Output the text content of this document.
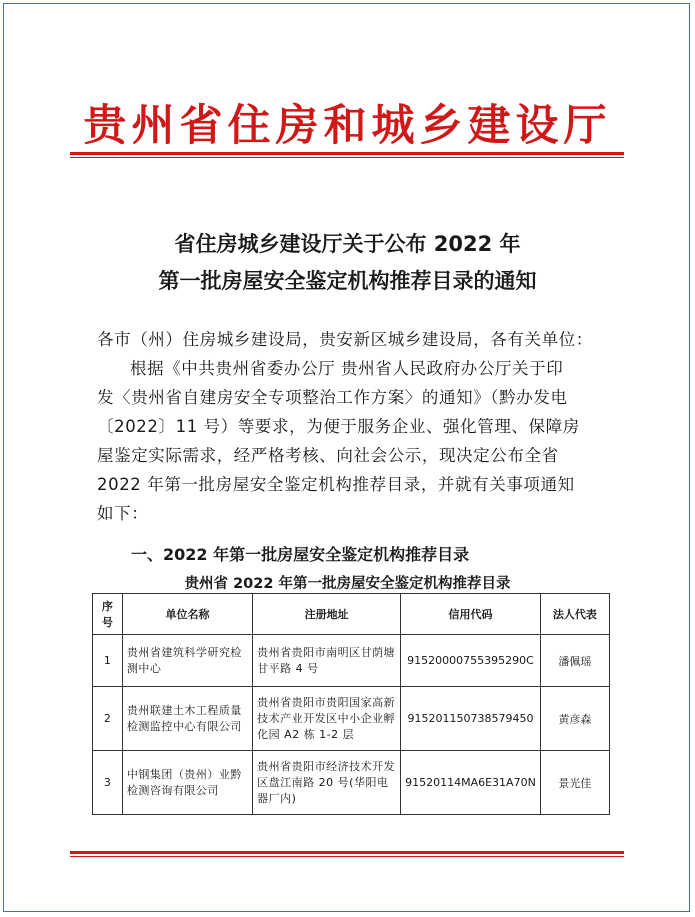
贵州省住房和城乡建设厅
省住房城乡建设厅关于公布 2022 年
第一批房屋安全鉴定机构推荐目录的通知

各市（州）住房城乡建设局，贵安新区城乡建设局，各有关单位：

根据《中共贵州省委办公厅 贵州省人民政府办公厅关于印

发〈贵州省自建房安全专项整治工作方案〉的通知》（黔办发电

〔2022〕11 号）等要求，为便于服务企业、强化管理、保障房

屋鉴定实际需求，经严格考核、向社会公示，现决定公布全省

2022 年第一批房屋安全鉴定机构推荐目录，并就有关事项通知

如下：

一、2022 年第一批房屋安全鉴定机构推荐目录
贵州省 2022 年第一批房屋安全鉴定机构推荐目录
序号	单位名称	注册地址	信用代码	法人代表
1	贵州省建筑科学研究检测中心	贵州省贵阳市南明区甘荫塘甘平路 4 号	91520000755395290C	潘佩瑶
2	贵州联建土木工程质量检测监控中心有限公司	贵州省贵阳市贵阳国家高新技术产业开发区中小企业孵化园 A2 栋 1-2 层	915201150738579450	黄彦森
3	中钢集团（贵州）业黔检测咨询有限公司	贵州省贵阳市经济技术开发区盘江南路 20 号(华阳电器厂内)	91520114MA6E31A70N	景光佳
